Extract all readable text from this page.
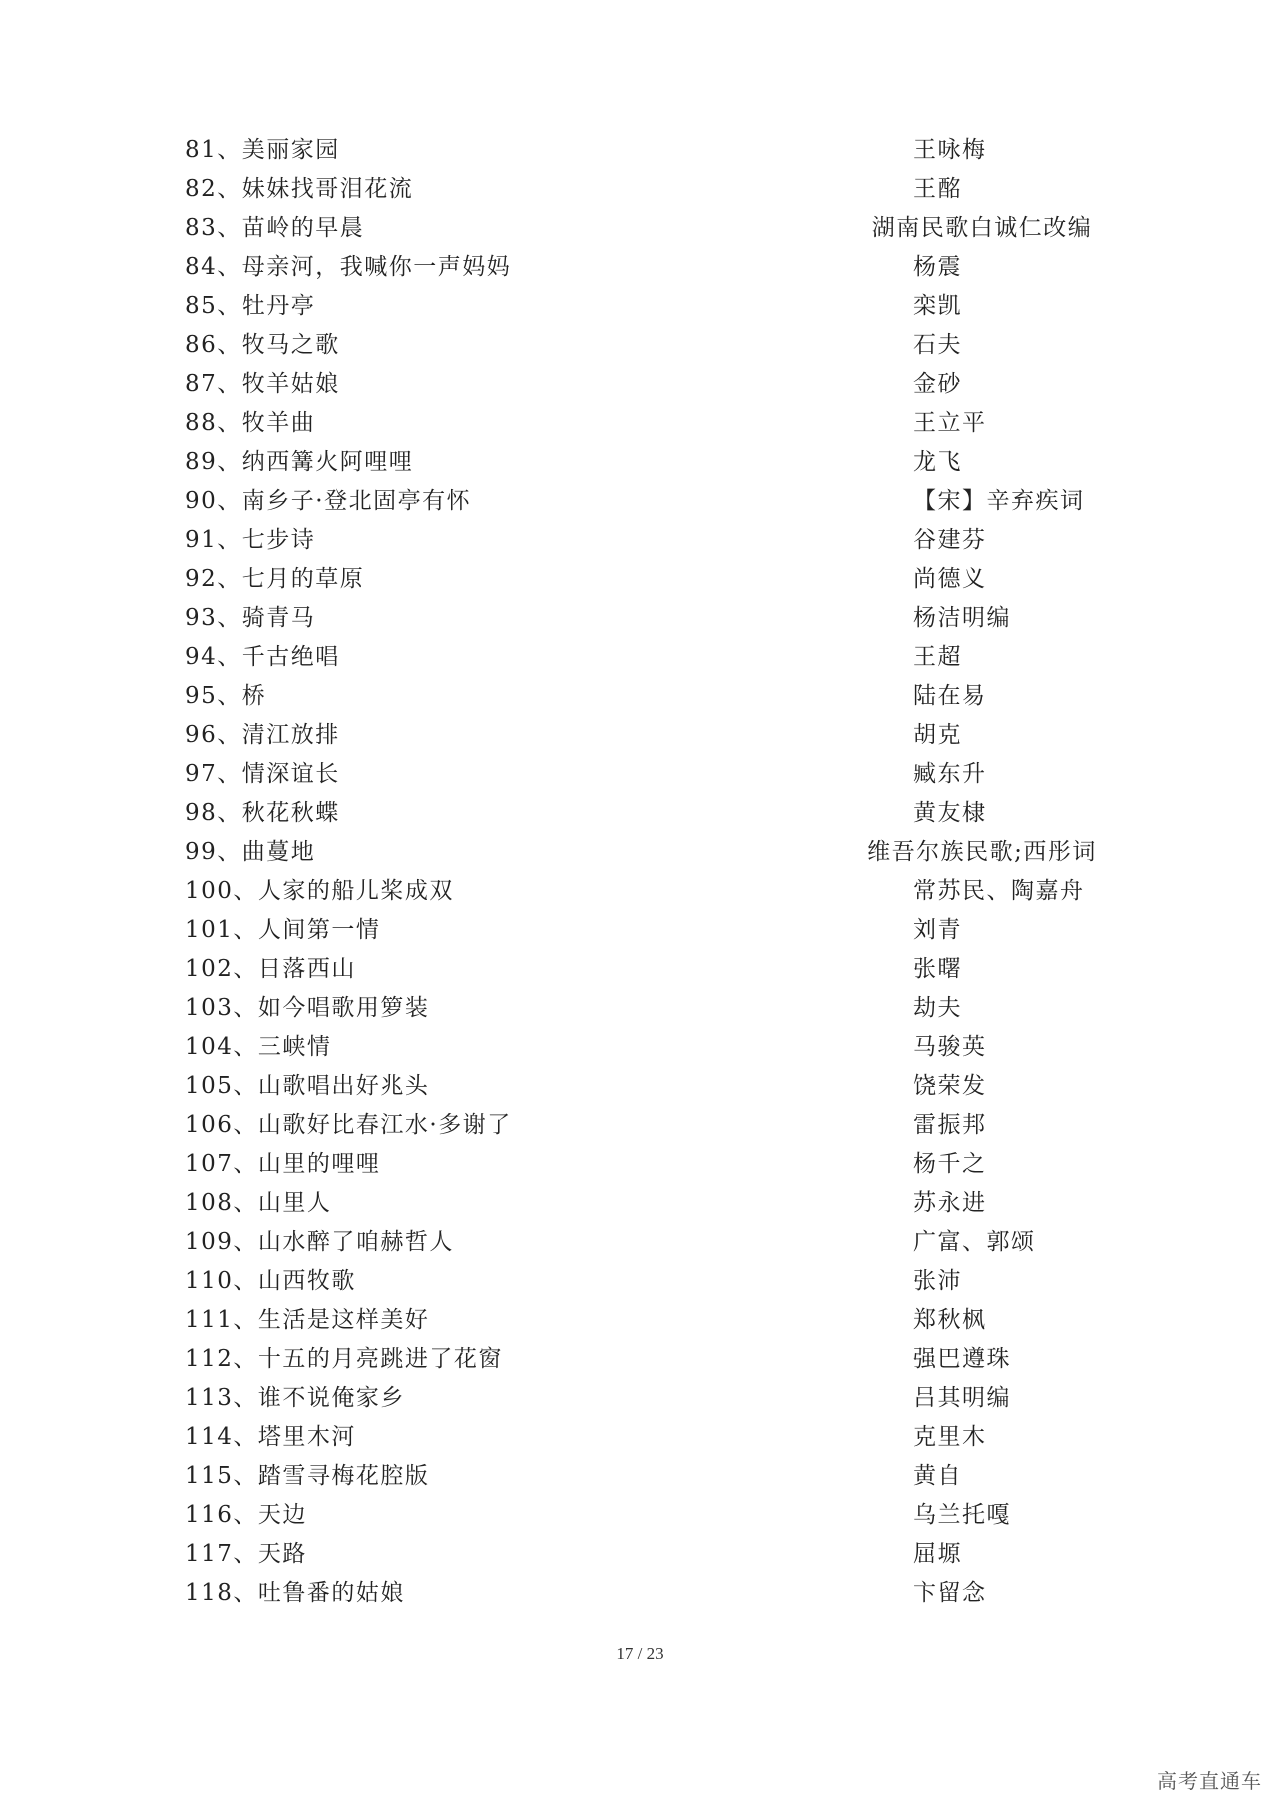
81、美丽家园	王咏梅
82、妹妹找哥泪花流	王酩
83、苗岭的早晨	湖南民歌白诚仁改编
84、母亲河，我喊你一声妈妈	杨震
85、牡丹亭	栾凯
86、牧马之歌	石夫
87、牧羊姑娘	金砂
88、牧羊曲	王立平
89、纳西篝火阿哩哩	龙飞
90、南乡子·登北固亭有怀	【宋】辛弃疾词
91、七步诗	谷建芬
92、七月的草原	尚德义
93、骑青马	杨洁明编
94、千古绝唱	王超
95、桥	陆在易
96、清江放排	胡克
97、情深谊长	臧东升
98、秋花秋蝶	黄友棣
99、曲蔓地	维吾尔族民歌;西彤词
100、人家的船儿桨成双	常苏民、陶嘉舟
101、人间第一情	刘青
102、日落西山	张曙
103、如今唱歌用箩装	劫夫
104、三峡情	马骏英
105、山歌唱出好兆头	饶荣发
106、山歌好比春江水·多谢了	雷振邦
107、山里的哩哩	杨千之
108、山里人	苏永进
109、山水醉了咱赫哲人	广富、郭颂
110、山西牧歌	张沛
111、生活是这样美好	郑秋枫
112、十五的月亮跳进了花窗	强巴遵珠
113、谁不说俺家乡	吕其明编
114、塔里木河	克里木
115、踏雪寻梅花腔版	黄自
116、天边	乌兰托嘎
117、天路	屈塬
118、吐鲁番的姑娘	卞留念
17 / 23
高考直通车
